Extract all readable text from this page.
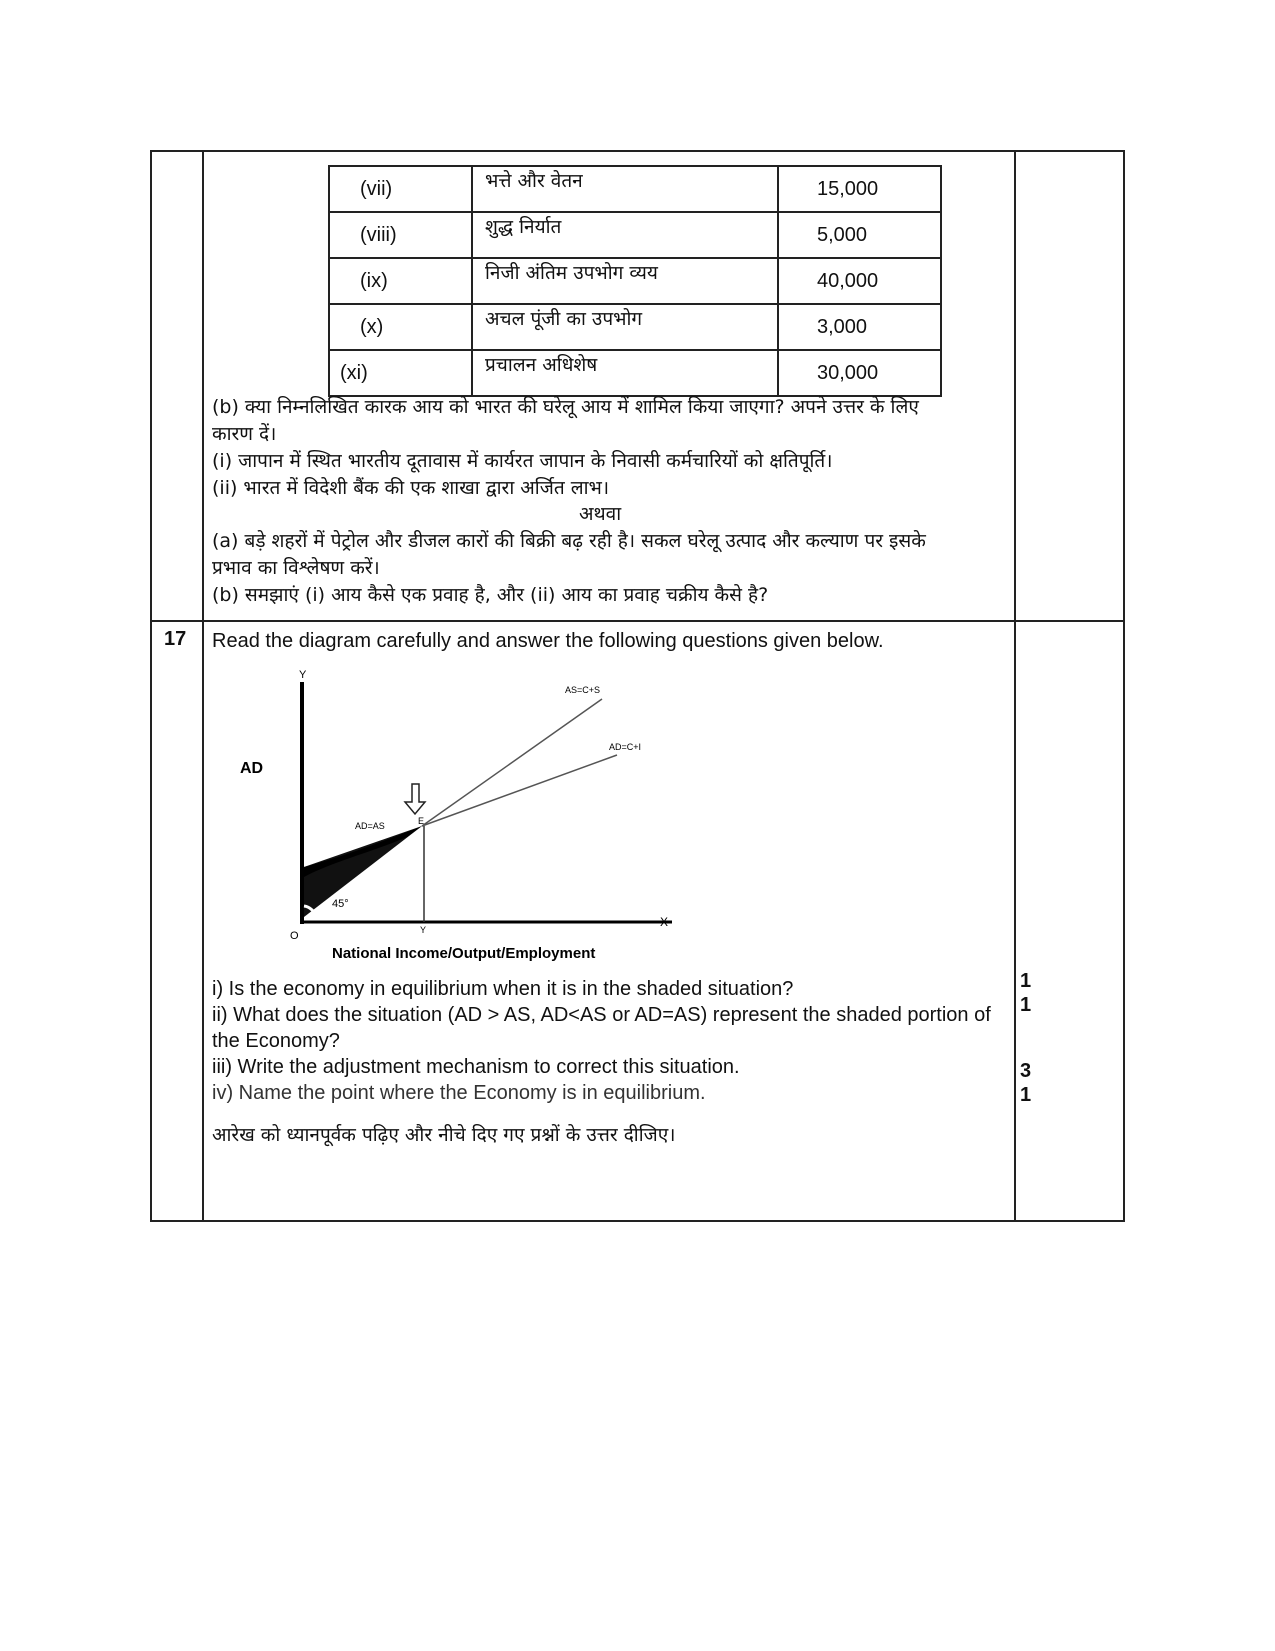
(vii)	भत्ते और वेतन	15,000
(viii)	शुद्ध निर्यात	5,000
(ix)	निजी अंतिम उपभोग व्यय	40,000
(x)	अचल पूंजी का उपभोग	3,000
(xi)	प्रचालन अधिशेष	30,000
(b) क्या निम्नलिखित कारक आय को भारत की घरेलू आय में शामिल किया जाएगा? अपने उत्तर के लिए
कारण दें।
(i) जापान में स्थित भारतीय दूतावास में कार्यरत जापान के निवासी कर्मचारियों को क्षतिपूर्ति।
(ii) भारत में विदेशी बैंक की एक शाखा द्वारा अर्जित लाभ।
अथवा
(a) बड़े शहरों में पेट्रोल और डीजल कारों की बिक्री बढ़ रही है। सकल घरेलू उत्पाद और कल्याण पर इसके
प्रभाव का विश्लेषण करें।
(b) समझाएं (i) आय कैसे एक प्रवाह है, और (ii) आय का प्रवाह चक्रीय कैसे है?
17 Read the diagram carefully and answer the following questions given below.
Y
X
O
AD
AS=C+S
AD=C+I
Y
E
AD=AS
45°
National Income/Output/Employment
i) Is the economy in equilibrium when it is in the shaded situation?
ii) What does the situation (AD > AS, AD<AS or AD=AS) represent the shaded portion of
the Economy?
iii) Write the adjustment mechanism to correct this situation.
iv) Name the point where the Economy is in equilibrium.
आरेख को ध्यानपूर्वक पढ़िए और नीचे दिए गए प्रश्नों के उत्तर दीजिए।
1
1
3
1
